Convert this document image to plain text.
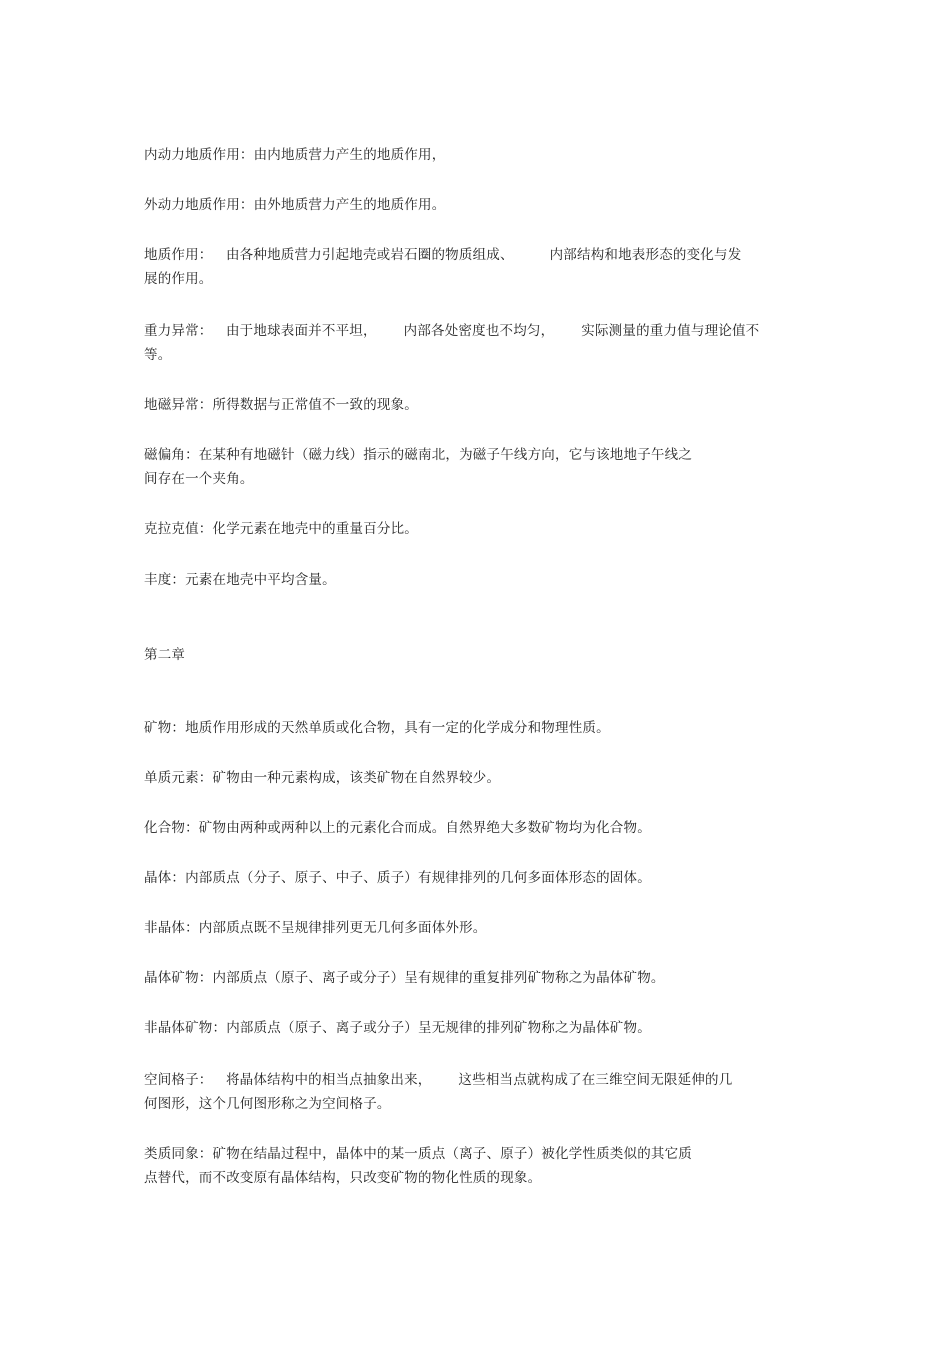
内动力地质作用：由内地质营力产生的地质作用，
外动力地质作用：由外地质营力产生的地质作用。
地质作用：   由各种地质营力引起地壳或岩石圈的物质组成、        内部结构和地表形态的变化与发
展的作用。
重力异常：   由于地球表面并不平坦，      内部各处密度也不均匀，      实际测量的重力值与理论值不
等。
地磁异常：所得数据与正常值不一致的现象。
磁偏角：在某种有地磁针（磁力线）指示的磁南北，为磁子午线方向，它与该地地子午线之
间存在一个夹角。
克拉克值：化学元素在地壳中的重量百分比。
丰度：元素在地壳中平均含量。
第二章
矿物：地质作用形成的天然单质或化合物，具有一定的化学成分和物理性质。
单质元素：矿物由一种元素构成，该类矿物在自然界较少。
化合物：矿物由两种或两种以上的元素化合而成。自然界绝大多数矿物均为化合物。
晶体：内部质点（分子、原子、中子、质子）有规律排列的几何多面体形态的固体。
非晶体：内部质点既不呈规律排列更无几何多面体外形。
晶体矿物：内部质点（原子、离子或分子）呈有规律的重复排列矿物称之为晶体矿物。
非晶体矿物：内部质点（原子、离子或分子）呈无规律的排列矿物称之为晶体矿物。
空间格子：   将晶体结构中的相当点抽象出来，      这些相当点就构成了在三维空间无限延伸的几
何图形，这个几何图形称之为空间格子。
类质同象：矿物在结晶过程中，晶体中的某一质点（离子、原子）被化学性质类似的其它质
点替代，而不改变原有晶体结构，只改变矿物的物化性质的现象。
